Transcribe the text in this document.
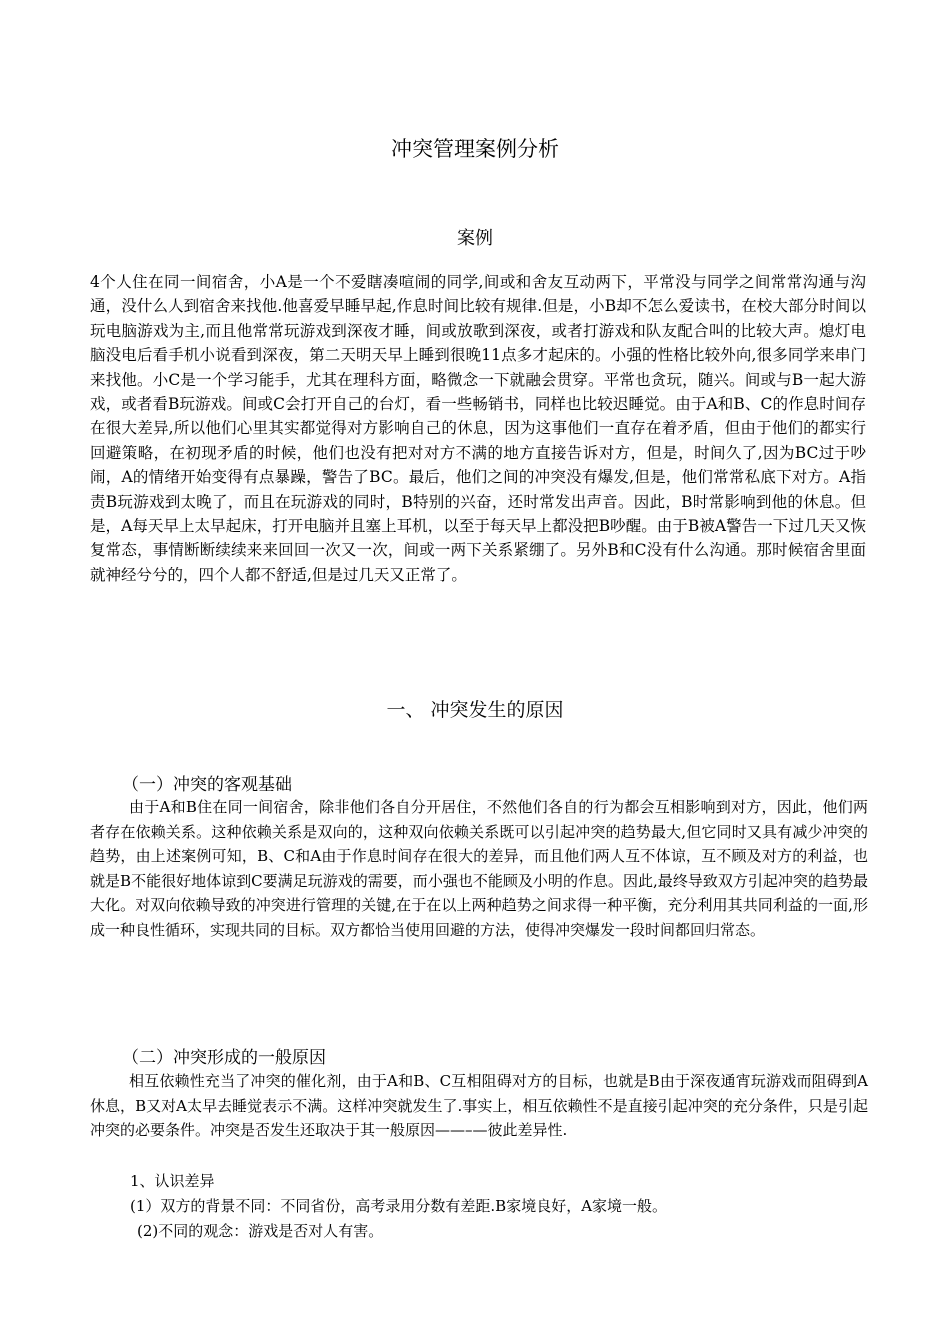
冲突管理案例分析
案例

4个人住在同一间宿舍，小A是一个不爱瞎凑喧闹的同学,间或和舍友互动两下，平常没与同学之间常常沟通与沟通，没什么人到宿舍来找他.他喜爱早睡早起,作息时间比较有规律.但是，小B却不怎么爱读书，在校大部分时间以玩电脑游戏为主,而且他常常玩游戏到深夜才睡，间或放歌到深夜，或者打游戏和队友配合叫的比较大声。熄灯电脑没电后看手机小说看到深夜，第二天明天早上睡到很晚11点多才起床的。小强的性格比较外向,很多同学来串门来找他。小C是一个学习能手，尤其在理科方面，略微念一下就融会贯穿。平常也贪玩，随兴。间或与B一起大游戏，或者看B玩游戏。间或C会打开自己的台灯，看一些畅销书，同样也比较迟睡觉。由于A和B、C的作息时间存在很大差异,所以他们心里其实都觉得对方影响自己的休息，因为这事他们一直存在着矛盾，但由于他们的都实行回避策略，在初现矛盾的时候，他们也没有把对对方不满的地方直接告诉对方，但是，时间久了,因为BC过于吵闹，A的情绪开始变得有点暴躁，警告了BC。最后，他们之间的冲突没有爆发,但是，他们常常私底下对方。A指责B玩游戏到太晚了，而且在玩游戏的同时，B特别的兴奋，还时常发出声音。因此，B时常影响到他的休息。但是，A每天早上太早起床，打开电脑并且塞上耳机，以至于每天早上都没把B吵醒。由于B被A警告一下过几天又恢复常态，事情断断续续来来回回一次又一次，间或一两下关系紧绷了。另外B和C没有什么沟通。那时候宿舍里面就神经兮兮的，四个人都不舒适,但是过几天又正常了。

一、 冲突发生的原因
（一）冲突的客观基础

由于A和B住在同一间宿舍，除非他们各自分开居住，不然他们各自的行为都会互相影响到对方，因此，他们两者存在依赖关系。这种依赖关系是双向的，这种双向依赖关系既可以引起冲突的趋势最大,但它同时又具有减少冲突的趋势，由上述案例可知，B、C和A由于作息时间存在很大的差异，而且他们两人互不体谅，互不顾及对方的利益，也就是B不能很好地体谅到C要满足玩游戏的需要，而小强也不能顾及小明的作息。因此,最终导致双方引起冲突的趋势最大化。对双向依赖导致的冲突进行管理的关键,在于在以上两种趋势之间求得一种平衡，充分利用其共同利益的一面,形成一种良性循环，实现共同的目标。双方都恰当使用回避的方法，使得冲突爆发一段时间都回归常态。

（二）冲突形成的一般原因

相互依赖性充当了冲突的催化剂，由于A和B、C互相阻碍对方的目标，也就是B由于深夜通宵玩游戏而阻碍到A休息，B又对A太早去睡觉表示不满。这样冲突就发生了.事实上，相互依赖性不是直接引起冲突的充分条件，只是引起冲突的必要条件。冲突是否发生还取决于其一般原因——–—彼此差异性.

1、认识差异
(1）双方的背景不同：不同省份，高考录用分数有差距.B家境良好，A家境一般。
(2)不同的观念：游戏是否对人有害。
